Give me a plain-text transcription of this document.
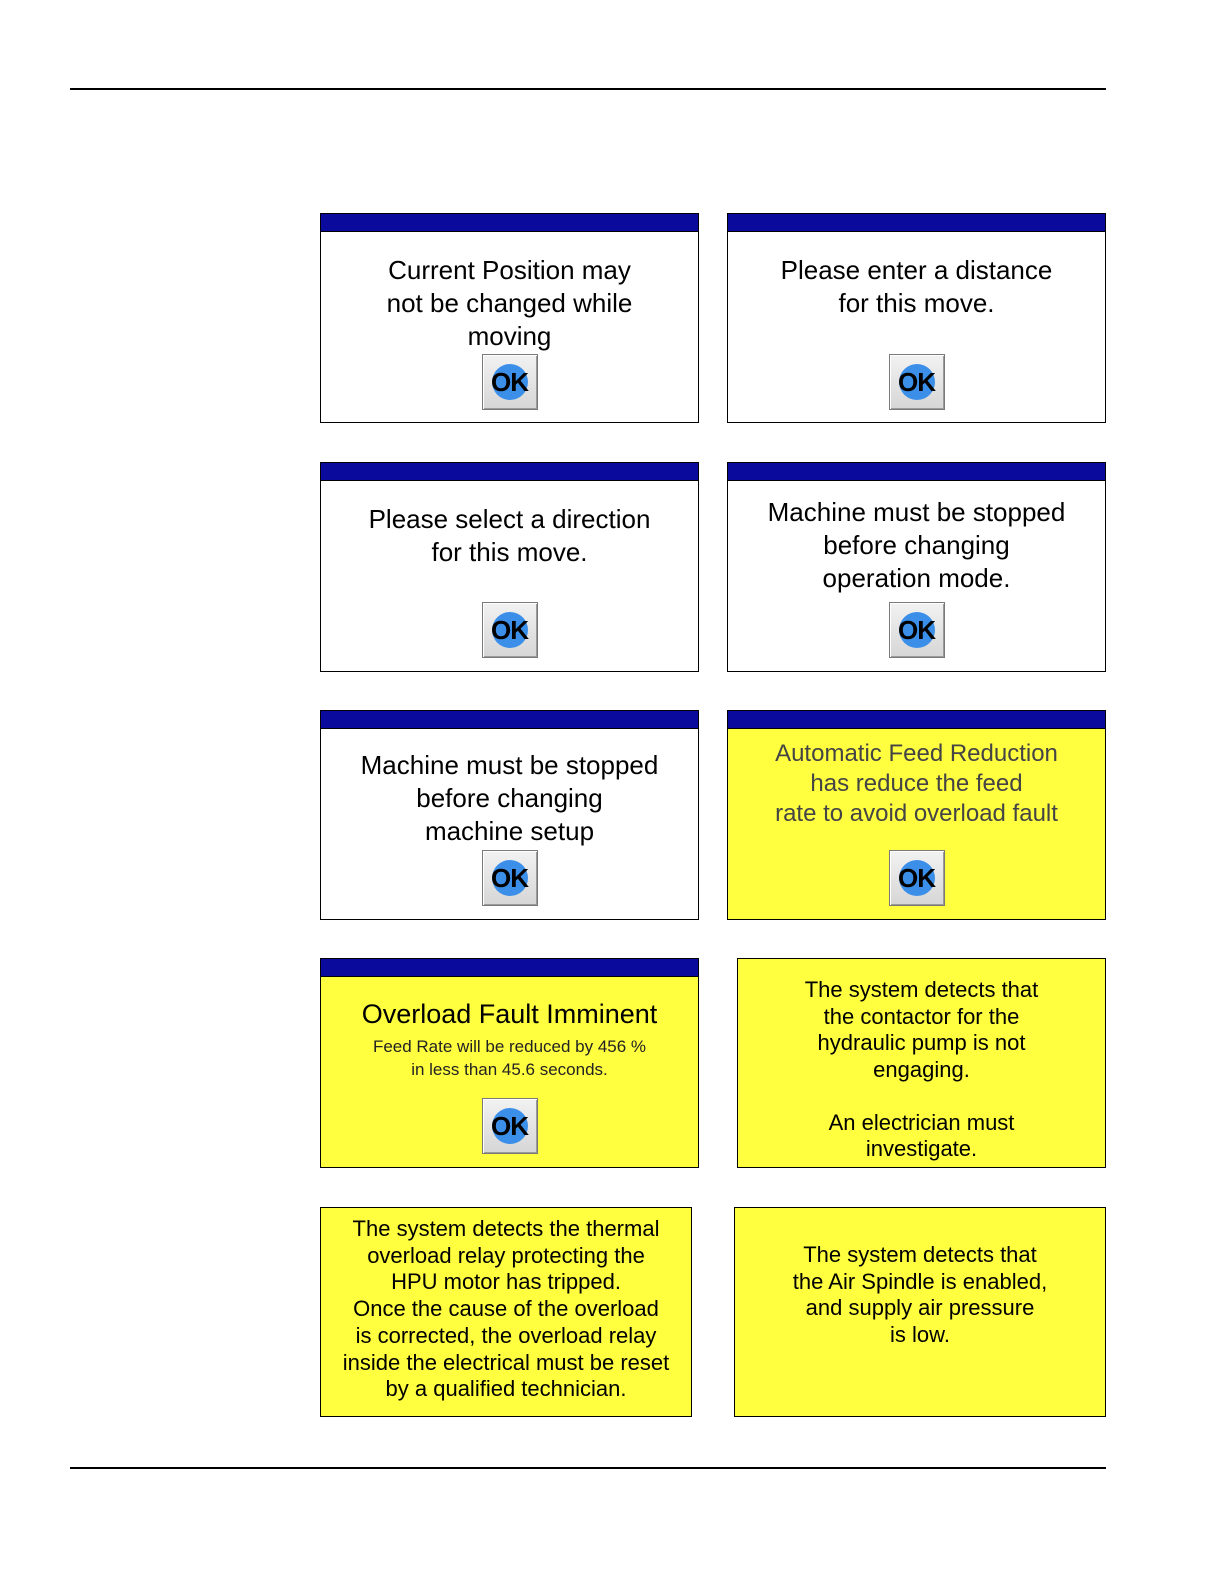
Current Position may
not be changed while
moving
OK
Please enter a distance
for this move.
OK
Please select a direction
for this move.
OK
Machine must be stopped
before changing
operation mode.
OK
Machine must be stopped
before changing
machine setup
OK
Automatic Feed Reduction
has reduce the feed
rate to avoid overload fault
OK
Overload Fault Imminent
Feed Rate will be reduced by 456 %
in less than 45.6 seconds.
OK
The system detects that
the contactor for the
hydraulic pump is not
engaging.

An electrician must
investigate.
The system detects the thermal
overload relay protecting the
HPU motor has tripped.
Once the cause of the overload
is corrected, the overload relay
inside the electrical must be reset
by a qualified technician.
The system detects that
the Air Spindle is enabled,
and supply air pressure
is low.
